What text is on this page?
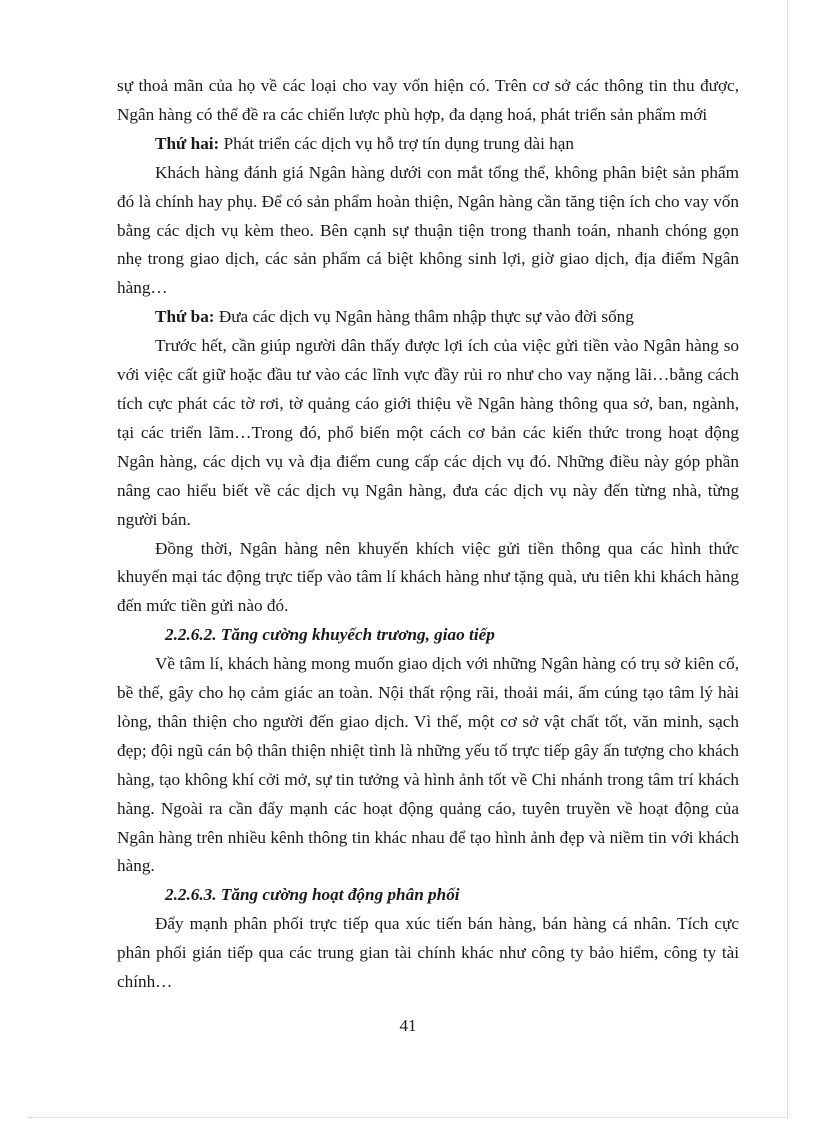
sự thoả mãn của họ về các loại cho vay vốn hiện có. Trên cơ sở các thông tin thu được, Ngân hàng có thể đề ra các chiến lược phù hợp, đa dạng hoá, phát triển sản phẩm mới

Thứ hai: Phát triển các dịch vụ hỗ trợ tín dụng trung dài hạn

Khách hàng đánh giá Ngân hàng dưới con mắt tổng thể, không phân biệt sản phẩm đó là chính hay phụ. Để có sản phẩm hoàn thiện, Ngân hàng cần tăng tiện ích cho vay vốn bằng các dịch vụ kèm theo. Bên cạnh sự thuận tiện trong thanh toán, nhanh chóng gọn nhẹ trong giao dịch, các sản phẩm cá biệt không sinh lợi, giờ giao dịch, địa điểm Ngân hàng…

Thứ ba: Đưa các dịch vụ Ngân hàng thâm nhập thực sự vào đời sống

Trước hết, cần giúp người dân thấy được lợi ích của việc gửi tiền vào Ngân hàng so với việc cất giữ hoặc đầu tư vào các lĩnh vực đầy rủi ro như cho vay nặng lãi…bằng cách tích cực phát các tờ rơi, tờ quảng cáo giới thiệu về Ngân hàng thông qua sở, ban, ngành, tại các triển lãm…Trong đó, phổ biến một cách cơ bản các kiến thức trong hoạt động Ngân hàng, các dịch vụ và địa điểm cung cấp các dịch vụ đó. Những điều này góp phần nâng cao hiểu biết về các dịch vụ Ngân hàng, đưa các dịch vụ này đến từng nhà, từng người bán.

Đồng thời, Ngân hàng nên khuyến khích việc gửi tiền thông qua các hình thức khuyến mại tác động trực tiếp vào tâm lí khách hàng như tặng quà, ưu tiên khi khách hàng đến mức tiền gửi nào đó.

2.2.6.2. Tăng cường khuyếch trương, giao tiếp

Về tâm lí, khách hàng mong muốn giao dịch với những Ngân hàng có trụ sở kiên cố, bề thế, gây cho họ cảm giác an toàn. Nội thất rộng rãi, thoải mái, ấm cúng tạo tâm lý hài lòng, thân thiện cho người đến giao dịch. Vì thế, một cơ sở vật chất tốt, văn minh, sạch đẹp; đội ngũ cán bộ thân thiện nhiệt tình là những yếu tố trực tiếp gây ấn tượng cho khách hàng, tạo không khí cởi mở, sự tin tưởng và hình ảnh tốt về Chi nhánh trong tâm trí khách hàng. Ngoài ra cần đẩy mạnh các hoạt động quảng cáo, tuyên truyền về hoạt động của Ngân hàng trên nhiều kênh thông tin khác nhau để tạo hình ảnh đẹp và niềm tin với khách hàng.

2.2.6.3. Tăng cường hoạt động phân phối

Đẩy mạnh phân phối trực tiếp qua xúc tiến bán hàng, bán hàng cá nhân. Tích cực phân phối gián tiếp qua các trung gian tài chính khác như công ty bảo hiểm, công ty tài chính…

41
